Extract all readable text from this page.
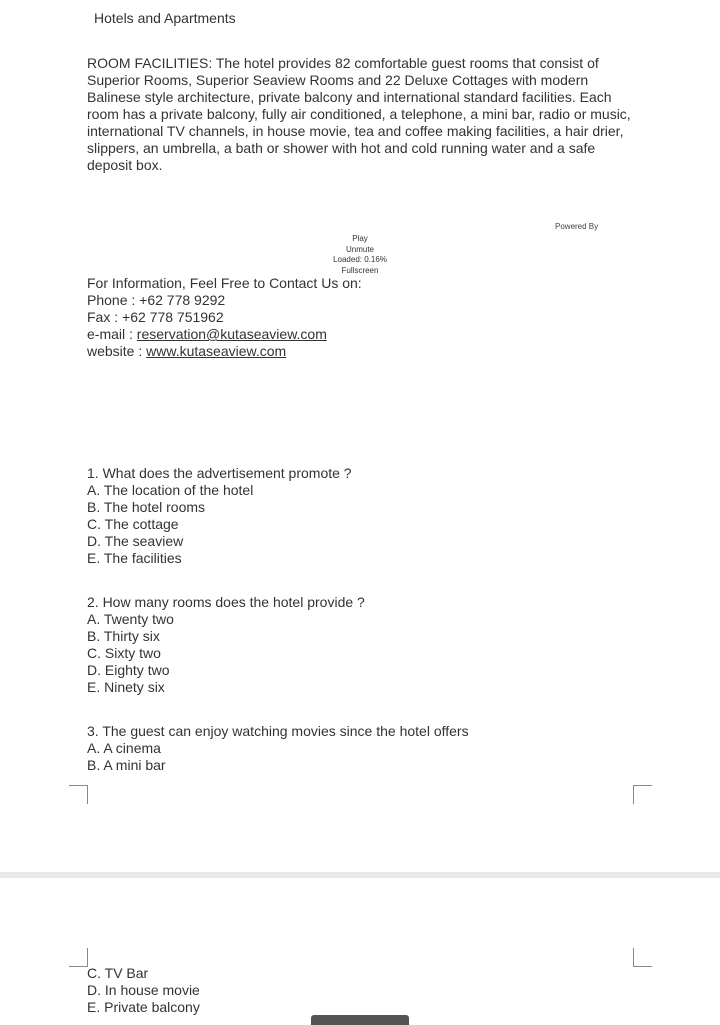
Hotels and Apartments

ROOM FACILITIES: The hotel provides 82 comfortable guest rooms that consist of Superior Rooms, Superior Seaview Rooms and 22 Deluxe Cottages with modern Balinese style architecture, private balcony and international standard facilities. Each room has a private balcony, fully air conditioned, a telephone, a mini bar, radio or music, international TV channels, in house movie, tea and coffee making facilities, a hair drier, slippers, an umbrella, a bath or shower with hot and cold running water and a safe deposit box.

Powered By
Play
Unmute
Loaded: 0.16%
Fullscreen
For Information, Feel Free to Contact Us on:
Phone : +62 778 9292
Fax : +62 778 751962
e-mail : reservation@kutaseaview.com
website : www.kutaseaview.com
1. What does the advertisement promote ?
A. The location of the hotel
B. The hotel rooms
C. The cottage
D. The seaview
E. The facilities
2. How many rooms does the hotel provide ?
A. Twenty two
B. Thirty six
C. Sixty two
D. Eighty two
E. Ninety six
3. The guest can enjoy watching movies since the hotel offers
A. A cinema
B. A mini bar
C. TV Bar
D. In house movie
E. Private balcony
